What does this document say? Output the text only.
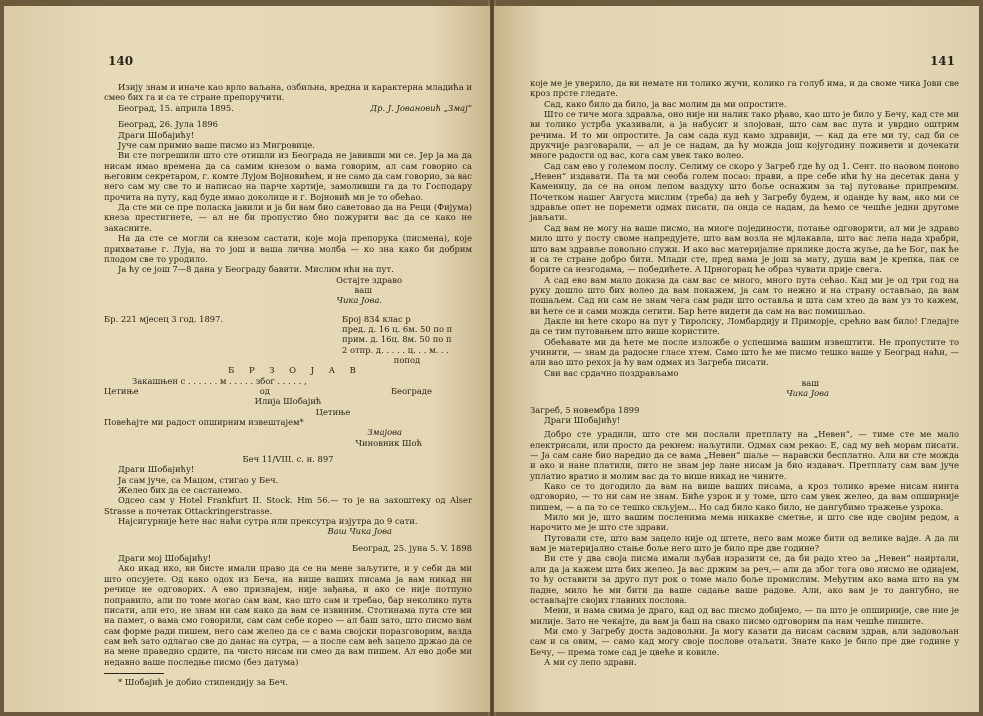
140

Изију знам и иначе као врло ваљана, озбиљна, вредна и карактерна младића и смео бих га и са те стране препоручити.

Београд, 15. априла 1895.	Др. Ј. Јовановић „Змај“

Београд, 26. Јула 1896

Драги Шобајићу!

Јуче сам примио ваше писмо из Мигровице.

Ви сте погрешили што сте отишли из Београда не јавивши ми се. Јер ја ма да нисам имао времена да са самим кнезом о вама говорим, ал сам говорио са његовим секретаром, г. комте Лујом Војновићем, и не само да сам говорио, за вас него сам му све то и написао на парче хартије, замоливши га да то Господару прочита на путу, кад буде имао доколице и г. Војновић ми је то обећао.

Да сте ми се пре поласка јавили и ја би вам био саветовао да на Реци (Фијума) кнеза престигнете, — ал не би пропустио бно пожурити вас да се како не закасните.

На да сте се могли са кнезом састати, које моја препорука (писмена), које прихватање г. Луја, на то још и ваша лична молба — ко зна како би добрим плодом све то уродило.

Ја ћу се још 7—8 дана у Београду бавити. Мислим нћи на пут.

Остајте здраво

ваш

Чика Јова.

Бр. 221 мјесец 3 год. 1897.	Број 834 клас р
пред. д. 16 ц. 6м. 50 по п
прим. д. 16ц. 8м. 50 по п
2 отпр. д. . . . . ц. . . м. . .
попод

Б Р З О Ј А В

Закашњен с . . . . . . м . . . . . због . . . . . ,

Цетиње	од	Београде

Илија Шобајић

Цетиње

Повећајте ми радост опширним извештајем*

Змајова

Чиновник Шоћ

Беч 11/VIII. с. н. 897

Драги Шобајићу!

Ја сам јуче, са Мацом, стигао у Беч.

Желео бих да се састанемо.

Одсео сам у Hotel Frankfurt II. Stock. Hm 56.— то је на захоштеку од Alser Strasse а почетак Ottackringerstrasse.

Најсигурније ћете нас наћи сутра или прексутра изјутра до 9 сати.

Ваш Чика Јова

Београд, 25. јуна 5. V. 1898

Драги мој Шобајићу!

Ако икад ико, ви бисте имали право да се на мене заљутите, и у себи да ми што опсујете. Од како одох из Беча, на више ваших писама ја вам никад ни речице не одговорих. А ево признајем, није зађања, и ако се није потпуно поправило, али по томе могао сам вам, као што сам и требао, бар неколико пута писати, али ето, не знам ни сам како да вам се извиним. Стотинама пута сте ми на памет, о вама смо говорили, сам сам себе корео — ал баш зато, што писмо вам сам форме ради пишем, него сам желео да се с вама својски поразговорим, вазда сам већ зато одлагао све до данас на сутра, — а после сам већ зацело држао да се на мене праведно срдите, па чисто нисам ни смео да вам пишем. Ал ево добе ми недавно ваше последње писмо (без датума)

* Шобајић је добио стипендију за Беч.

141

које ме је уверило, да ви немате ни толико жучи, колико га голуб има, и да своме чика Јови све кроз прсте гледате.

Сад, како било да било, ја вас молим да ми опростите.

Што се тиче мога здравља, оно није ни налик тако рђаво, као што је било у Бечу, кад сте ми ви толико устрба указивали, а ја набусит и злојован, што сам вас пута и уврдио оштрим речима. И то ми опростите. Ја сам сада куд камо здравији, — кад да ете ми ту, сад би се друкчије разговарали, — ал је се надам, да ћу можда још којугодину поживети и дочекати многе радости од вас, кога сам увек тако волео.

Сад сам ево у големом послу. Селиму се скоро у Загреб где ћу од 1. Сент. по наовом поново „Невен“ издавати. Па та ми сеоба голем посао: прави, а пре себе ићи ћу на десетак дана у Каменицу, да се на оном лепом ваздуху што боље оснажим за тај путовање припремим. Почетком нашег Августа мислим (треба) да већ у Загребу будем, и оданде ћу вам, ако ми се здравље опет не поремети одмах писати, па онда се надам, да ћемо се чешће једни другоме јављати.

Сад вам не могу на ваше писмо, на многе појединости, потање одговорити, ал ми је здраво мило што у посту своме напредујете, што вам возла не мјлакавла, што вас лепа нада храбри, што вам здравље повољно служи. И ако вас материјалне прилике доста жуље, да ће Бог, пак ће и са те стране добро бити. Млади сте, пред вама је још за мату, душа вам је крепка, пак се борите са незгодама, — победићете. А Црногорац ће образ чувати прије свега.

А сад ево вам мало доказа да сам вас се много, много пута сећао. Кад ми је од три год на руку дошло што бих волео да вам покажем, ја сам то нежно и на страну остављао, да вам пошаљем. Сад ни сам не знам чега сам ради што оставља и шта сам хтео да вам уз то кажем, ви ћете се и сами можда сетити. Бар ћете видети да сам на вас помишљао.

Дакле ви ћете скоро на пут у Тиролску, Ломбардију и Приморје, срећно вам било! Гледајте да се тим путовањем што више користите.

Обећавате ми да ћете ме после изложбе о успешима вашим извештити. Не пропустите то учинити, — знам да радосне гласе хтем. Само што ће ме писмо тешко ваше у Београд наћи, — али вао што рехох ја ћу вам одмах из Загреба писати.

Сви вас срдачно поздрављамо

ваш

Чика Јова

Загреб, 5 новембра 1899

Драги Шобајићу!

Добро сте урадили, што сте ми послали претплату на „Невен“, — тиме сте ме мало електрисали, или просто да рекнем: наљутили. Одмах сам рекао: Е, сад му већ морам писати. — Ја сам сане био наредио да се вама „Невен“ шаље — наравски бесплатно. Али ви сте можда и ако и нане платили, пито не знам јер лане нисам ја био издавач. Претплату сам вам јуче уплатио вратио и молим вас да то више никад не чините.

Како се то догодило да вам на више ваших писама, а кроз толико време нисам нинта одговорио, — то ни сам не знам. Биће узрок и у томе, што сам увек желео, да вам опширније пишем, — а па то се тешко скљујем... Но сад било како било, не дангубимо тражење узрока.

Мило ми је, што вашим посленима мема никакве сметње, и што све иде својим редом, а нарочито ме је што сте здрави.

Путовали сте, што вам зацело није од штете, него вам може бити од велике вајде. А да ли вам је материјално стање боље него што је било пре две године?

Ви сте у два своја писма имали љубав изразити се, да би радо хтео за „Невен“ наиртали, али да ја кажем шта бих желео. Ја вас држим за реч,— али да због тога ово нисмо не одиајем, то ћу оставити за друго пут рок о томе мало боље промислим. Међутим ако вама што на ум падне, мило ће ми бити да ваше садање ваше радове. Али, ако вам је то дангубно, не остављајте својих главних послова.

Мени, и нама свима је драго, кад од вас писмо добијемо, — па што је опширније, све ние је милије. Зато не чекајте, да вам ја баш на свако писмо одговорим па нам чешће пишите.

Ми смо у Загребу доста задовољни. Ја могу казати да нисам сасвим здрав, али задовољан сам и са овим, — само кад могу своје послове отаљати. Знате како је било пре две године у Бечу, — према томе сад је цвеће и ковиле.

А ми су лепо здрави.
